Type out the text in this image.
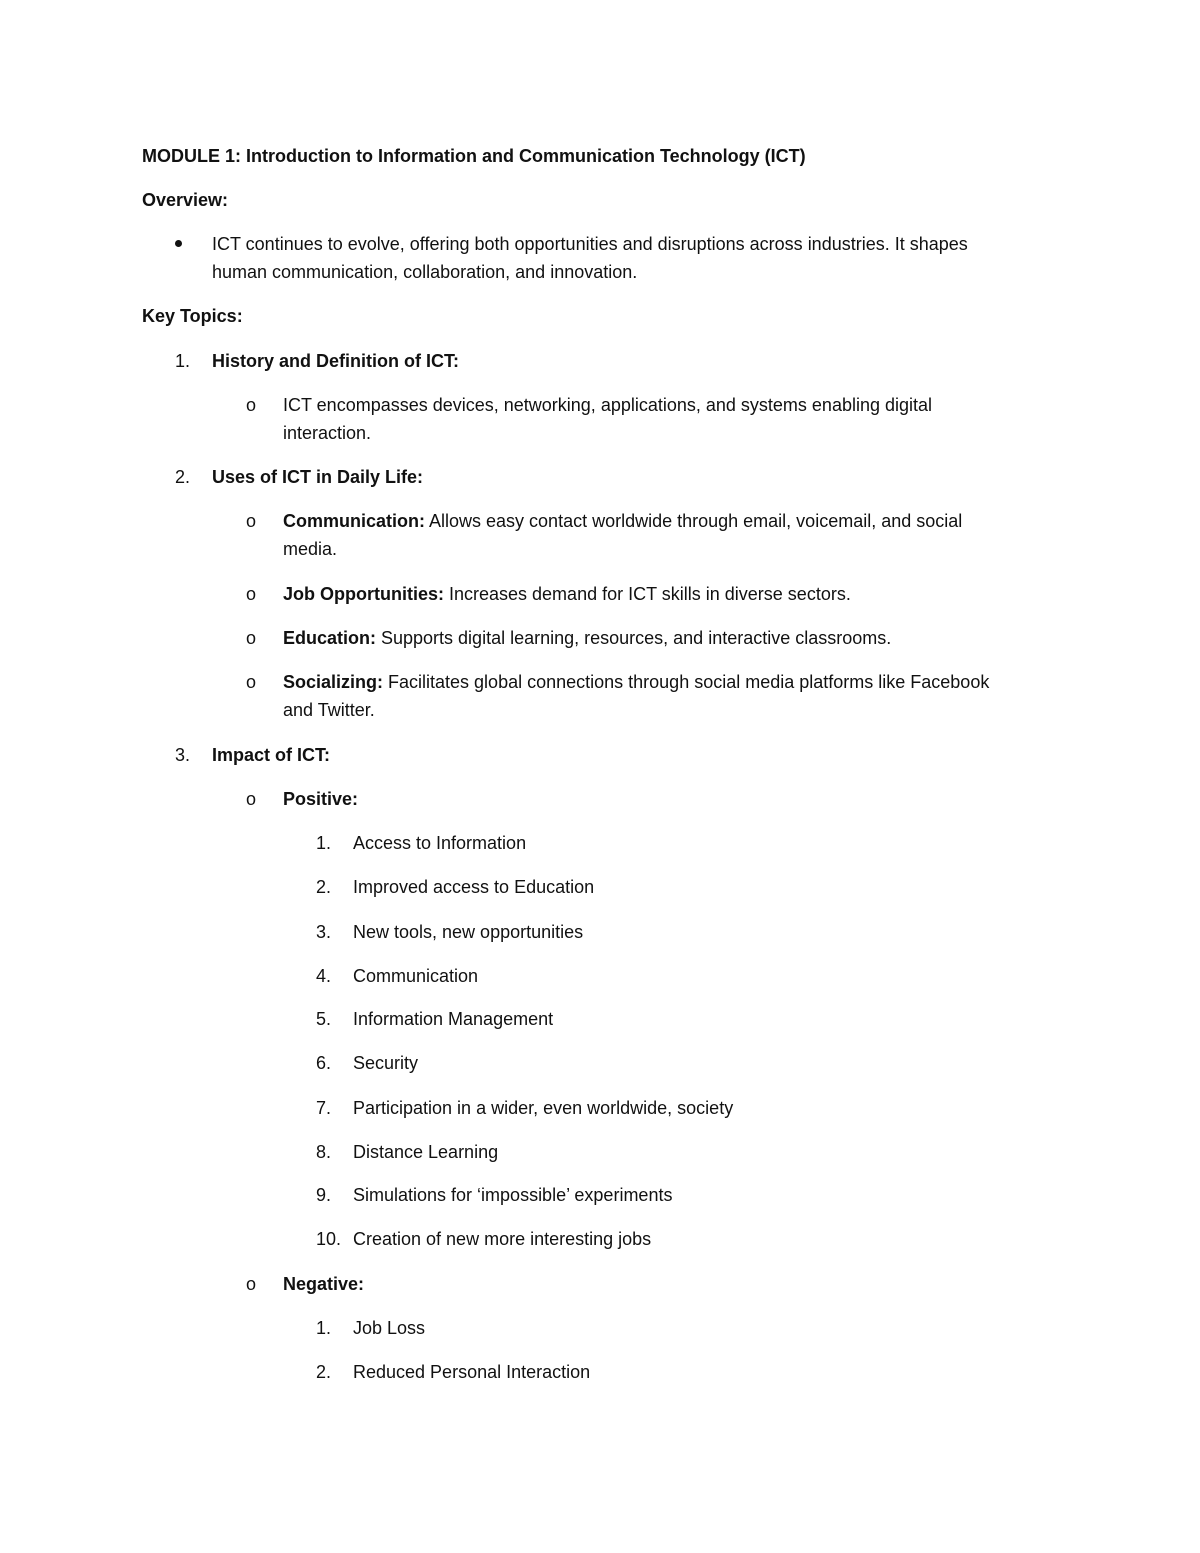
MODULE 1: Introduction to Information and Communication Technology (ICT)
Overview:
ICT continues to evolve, offering both opportunities and disruptions across industries. It shapes
human communication, collaboration, and innovation.
Key Topics:
1. History and Definition of ICT:
o ICT encompasses devices, networking, applications, and systems enabling digital
interaction.
2. Uses of ICT in Daily Life:
o Communication: Allows easy contact worldwide through email, voicemail, and social
media.
o Job Opportunities: Increases demand for ICT skills in diverse sectors.
o Education: Supports digital learning, resources, and interactive classrooms.
o Socializing: Facilitates global connections through social media platforms like Facebook
and Twitter.
3. Impact of ICT:
o Positive:
1. Access to Information
2. Improved access to Education
3. New tools, new opportunities
4. Communication
5. Information Management
6. Security
7. Participation in a wider, even worldwide, society
8. Distance Learning
9. Simulations for ‘impossible’ experiments
10. Creation of new more interesting jobs
o Negative:
1. Job Loss
2. Reduced Personal Interaction
